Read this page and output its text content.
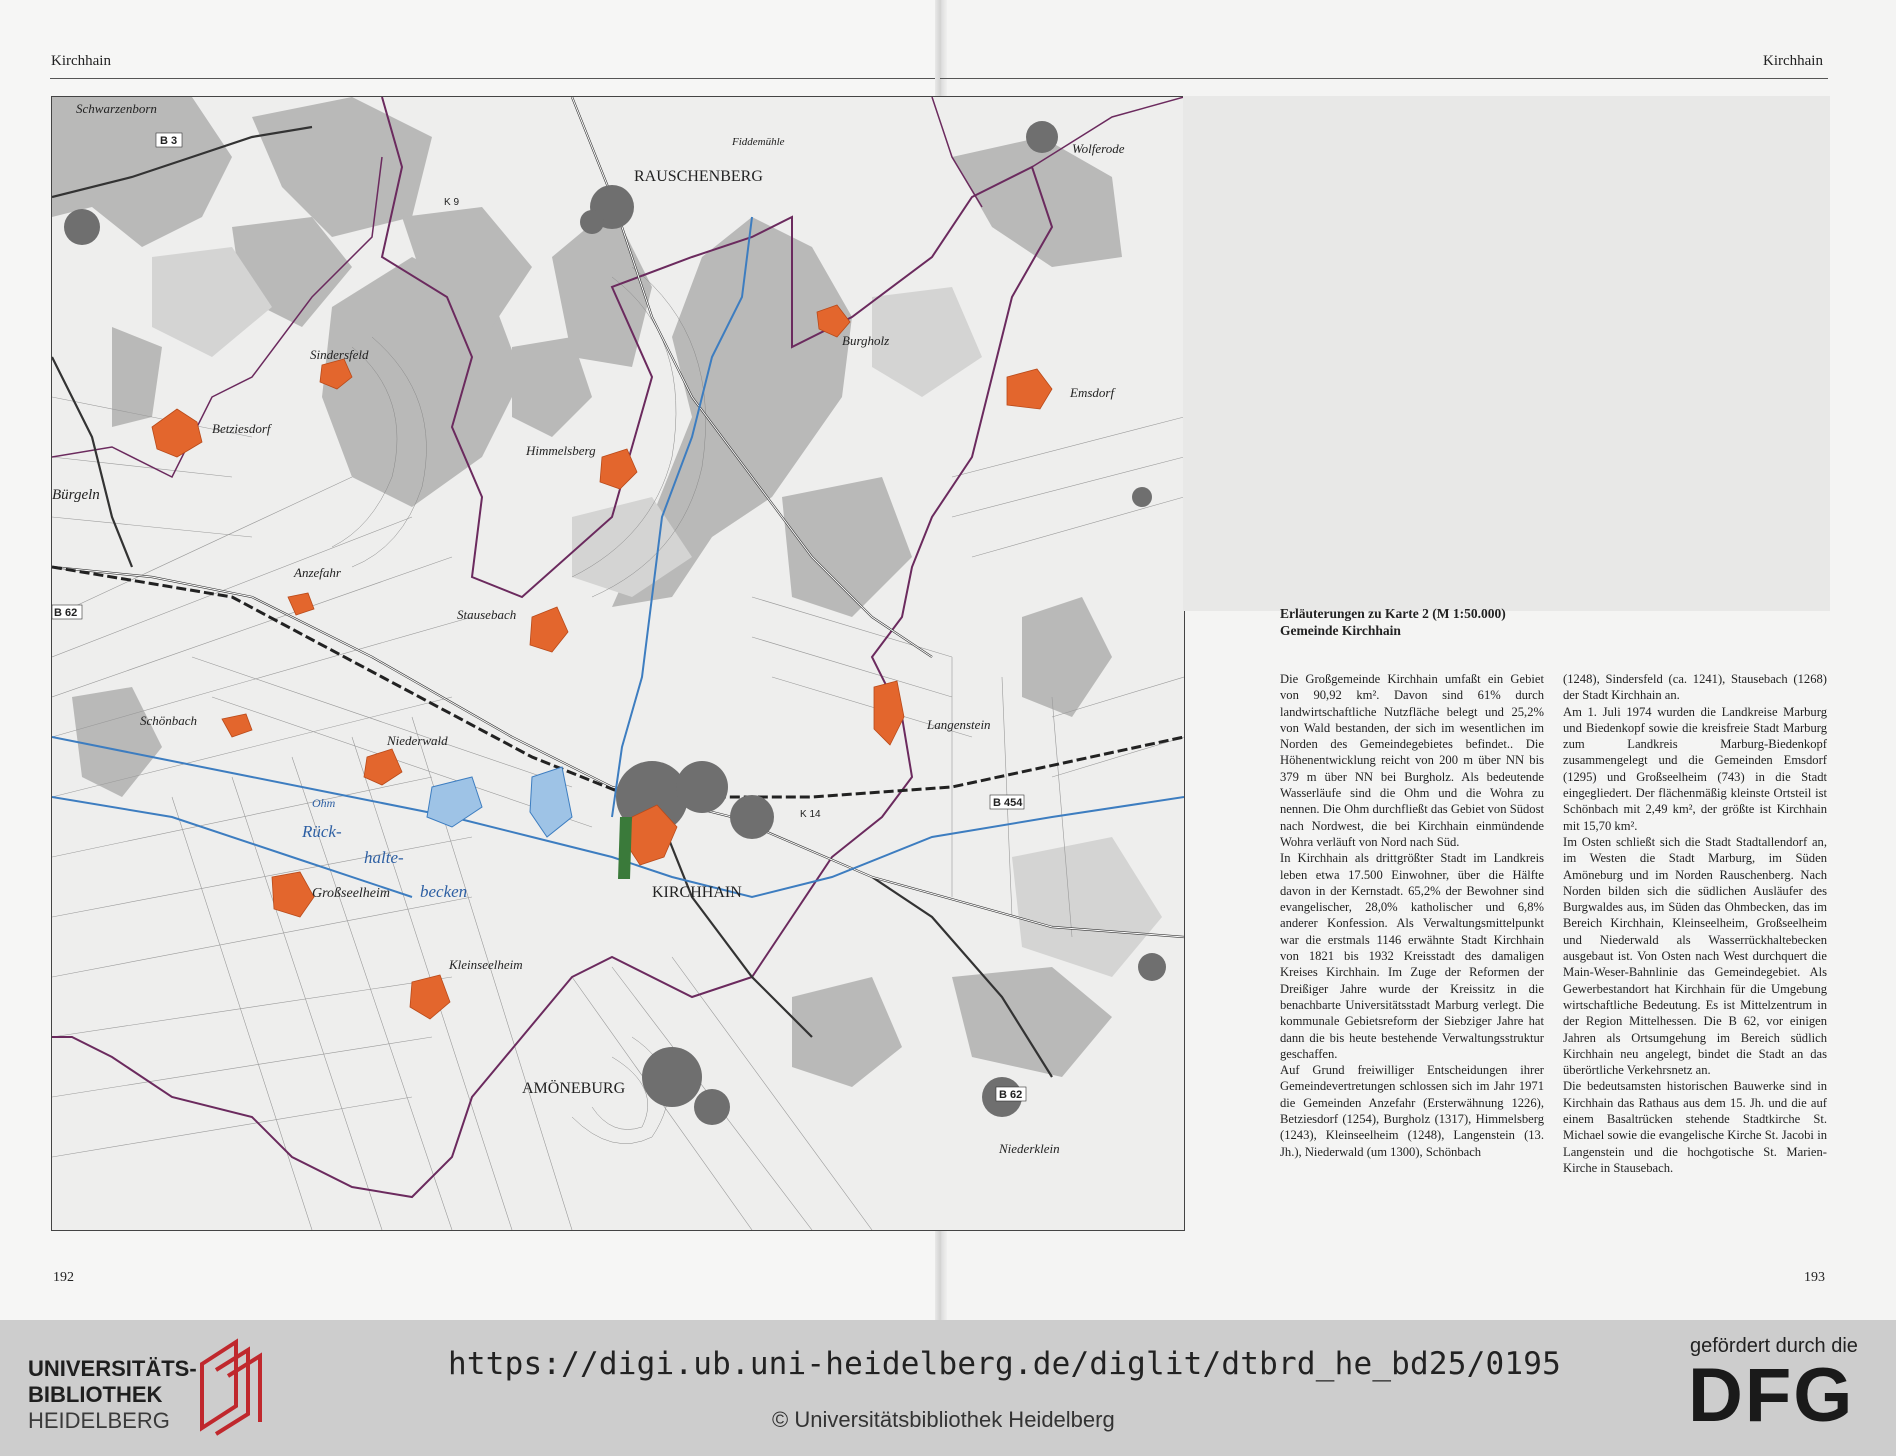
Kirchhain	Kirchhain
Schwarzenborn
RAUSCHENBERG
Wolferode
Fiddemühle
Sindersfeld
Betziesdorf
Bürgeln
Himmelsberg
Burgholz
Emsdorf
Anzefahr
Stausebach
Schönbach
Niederwald
Langenstein
Großseelheim
Kleinseelheim
KIRCHHAIN
AMÖNEBURG
Niederklein
Rück-
halte-
becken
Ohm
B 3
B 62
B 454
B 62
K 14
K 9
Erläuterungen zu Karte 2 (M 1:50.000)
Gemeinde Kirchhain

Die Großgemeinde Kirchhain umfaßt ein Gebiet von 90,92 km². Davon sind 61% durch landwirtschaftliche Nutzfläche belegt und 25,2% von Wald bestanden, der sich im wesentlichen im Norden des Gemeindegebietes befindet.. Die Höhenentwicklung reicht von 200 m über NN bis 379 m über NN bei Burgholz. Als bedeutende Wasserläufe sind die Ohm und die Wohra zu nennen. Die Ohm durchfließt das Gebiet von Südost nach Nordwest, die bei Kirchhain einmündende Wohra verläuft von Nord nach Süd.

In Kirchhain als drittgrößter Stadt im Landkreis leben etwa 17.500 Einwohner, über die Hälfte davon in der Kernstadt. 65,2% der Bewohner sind evangelischer, 28,0% katholischer und 6,8% anderer Konfession. Als Verwaltungsmittelpunkt war die erstmals 1146 erwähnte Stadt Kirchhain von 1821 bis 1932 Kreisstadt des damaligen Kreises Kirchhain. Im Zuge der Reformen der Dreißiger Jahre wurde der Kreissitz in die benachbarte Universitätsstadt Marburg verlegt. Die kommunale Gebietsreform der Siebziger Jahre hat dann die bis heute bestehende Verwaltungsstruktur geschaffen.

Auf Grund freiwilliger Entscheidungen ihrer Gemeindevertretungen schlossen sich im Jahr 1971 die Gemeinden Anzefahr (Ersterwähnung 1226), Betziesdorf (1254), Burgholz (1317), Himmelsberg (1243), Kleinseelheim (1248), Langenstein (13. Jh.), Niederwald (um 1300), Schönbach

(1248), Sindersfeld (ca. 1241), Stausebach (1268) der Stadt Kirchhain an.

Am 1. Juli 1974 wurden die Landkreise Marburg und Biedenkopf sowie die kreisfreie Stadt Marburg zum Landkreis Marburg-Biedenkopf zusammengelegt und die Gemeinden Emsdorf (1295) und Großseelheim (743) in die Stadt eingegliedert. Der flächenmäßig kleinste Ortsteil ist Schönbach mit 2,49 km², der größte ist Kirchhain mit 15,70 km².

Im Osten schließt sich die Stadt Stadtallendorf an, im Westen die Stadt Marburg, im Süden Amöneburg und im Norden Rauschenberg. Nach Norden bilden sich die südlichen Ausläufer des Burgwaldes aus, im Süden das Ohmbecken, das im Bereich Kirchhain, Kleinseelheim, Großseelheim und Niederwald als Wasserrückhaltebecken ausgebaut ist. Von Osten nach West durchquert die Main-Weser-Bahnlinie das Gemeindegebiet. Als Gewerbestandort hat Kirchhain für die Umgebung wirtschaftliche Bedeutung. Es ist Mittelzentrum in der Region Mittelhessen. Die B 62, vor einigen Jahren als Ortsumgehung im Bereich südlich Kirchhain neu angelegt, bindet die Stadt an das überörtliche Verkehrsnetz an.

Die bedeutsamsten historischen Bauwerke sind in Kirchhain das Rathaus aus dem 15. Jh. und die auf einem Basaltrücken stehende Stadtkirche St. Michael sowie die evangelische Kirche St. Jacobi in Langenstein und die hochgotische St. Marien-Kirche in Stausebach.

192	193
UNIVERSITÄTS-
BIBLIOTHEK
HEIDELBERG
https://digi.ub.uni-heidelberg.de/diglit/dtbrd_he_bd25/0195
© Universitätsbibliothek Heidelberg
gefördert durch die
DFG
